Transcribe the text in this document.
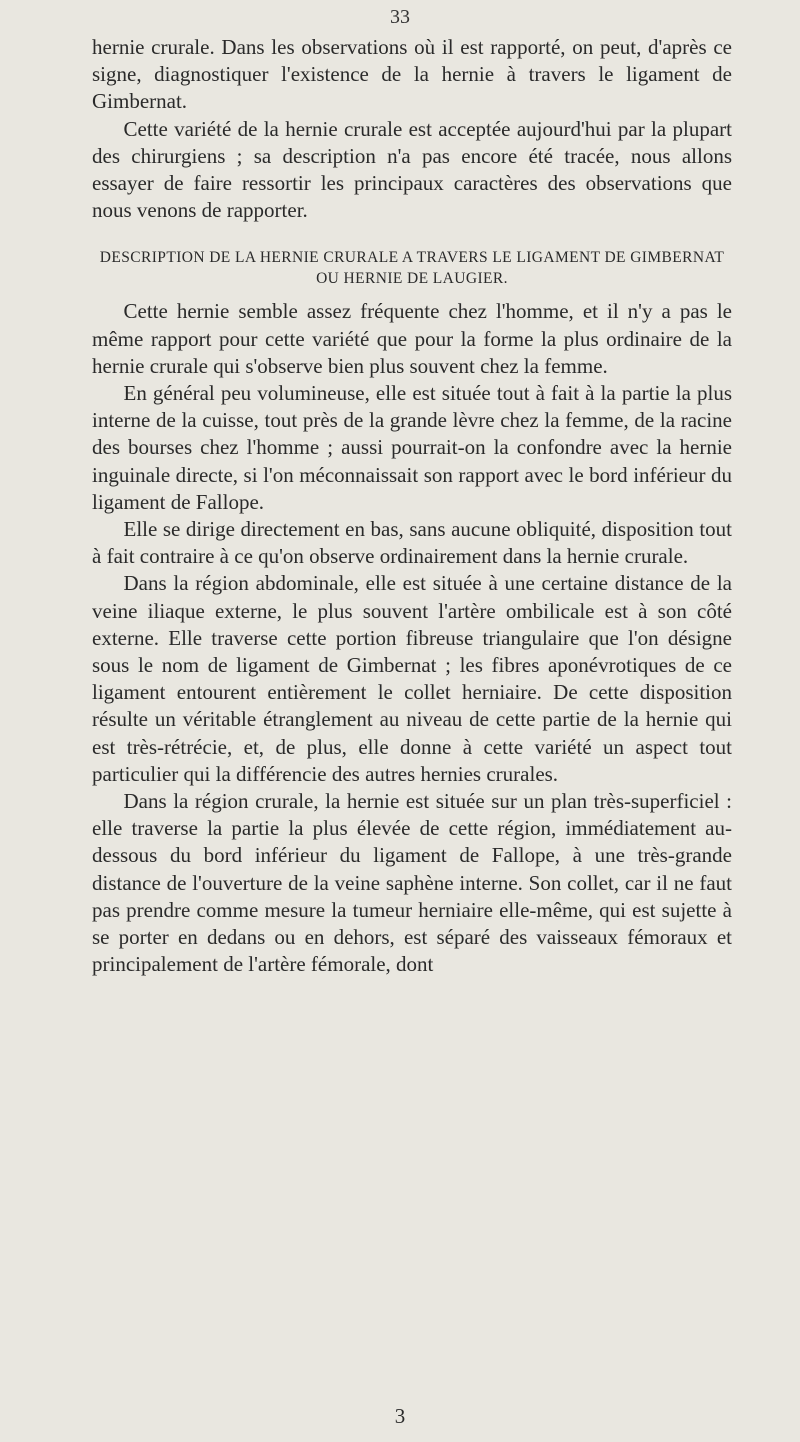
33

hernie crurale. Dans les observations où il est rapporté, on peut, d'après ce signe, diagnostiquer l'existence de la hernie à travers le ligament de Gimbernat.

Cette variété de la hernie crurale est acceptée aujourd'hui par la plupart des chirurgiens ; sa description n'a pas encore été tracée, nous allons essayer de faire ressortir les principaux caractères des observations que nous venons de rapporter.

DESCRIPTION DE LA HERNIE CRURALE A TRAVERS LE LIGAMENT DE GIMBERNAT
OU HERNIE DE LAUGIER.

Cette hernie semble assez fréquente chez l'homme, et il n'y a pas le même rapport pour cette variété que pour la forme la plus ordinaire de la hernie crurale qui s'observe bien plus souvent chez la femme.

En général peu volumineuse, elle est située tout à fait à la partie la plus interne de la cuisse, tout près de la grande lèvre chez la femme, de la racine des bourses chez l'homme ; aussi pourrait-on la confondre avec la hernie inguinale directe, si l'on méconnaissait son rapport avec le bord inférieur du ligament de Fallope.

Elle se dirige directement en bas, sans aucune obliquité, disposition tout à fait contraire à ce qu'on observe ordinairement dans la hernie crurale.

Dans la région abdominale, elle est située à une certaine distance de la veine iliaque externe, le plus souvent l'artère ombilicale est à son côté externe. Elle traverse cette portion fibreuse triangulaire que l'on désigne sous le nom de ligament de Gimbernat ; les fibres aponévrotiques de ce ligament entourent entièrement le collet herniaire. De cette disposition résulte un véritable étranglement au niveau de cette partie de la hernie qui est très-rétrécie, et, de plus, elle donne à cette variété un aspect tout particulier qui la différencie des autres hernies crurales.

Dans la région crurale, la hernie est située sur un plan très-superficiel : elle traverse la partie la plus élevée de cette région, immédiatement au-dessous du bord inférieur du ligament de Fallope, à une très-grande distance de l'ouverture de la veine saphène interne. Son collet, car il ne faut pas prendre comme mesure la tumeur herniaire elle-même, qui est sujette à se porter en dedans ou en dehors, est séparé des vaisseaux fémoraux et principalement de l'artère fémorale, dont

3
